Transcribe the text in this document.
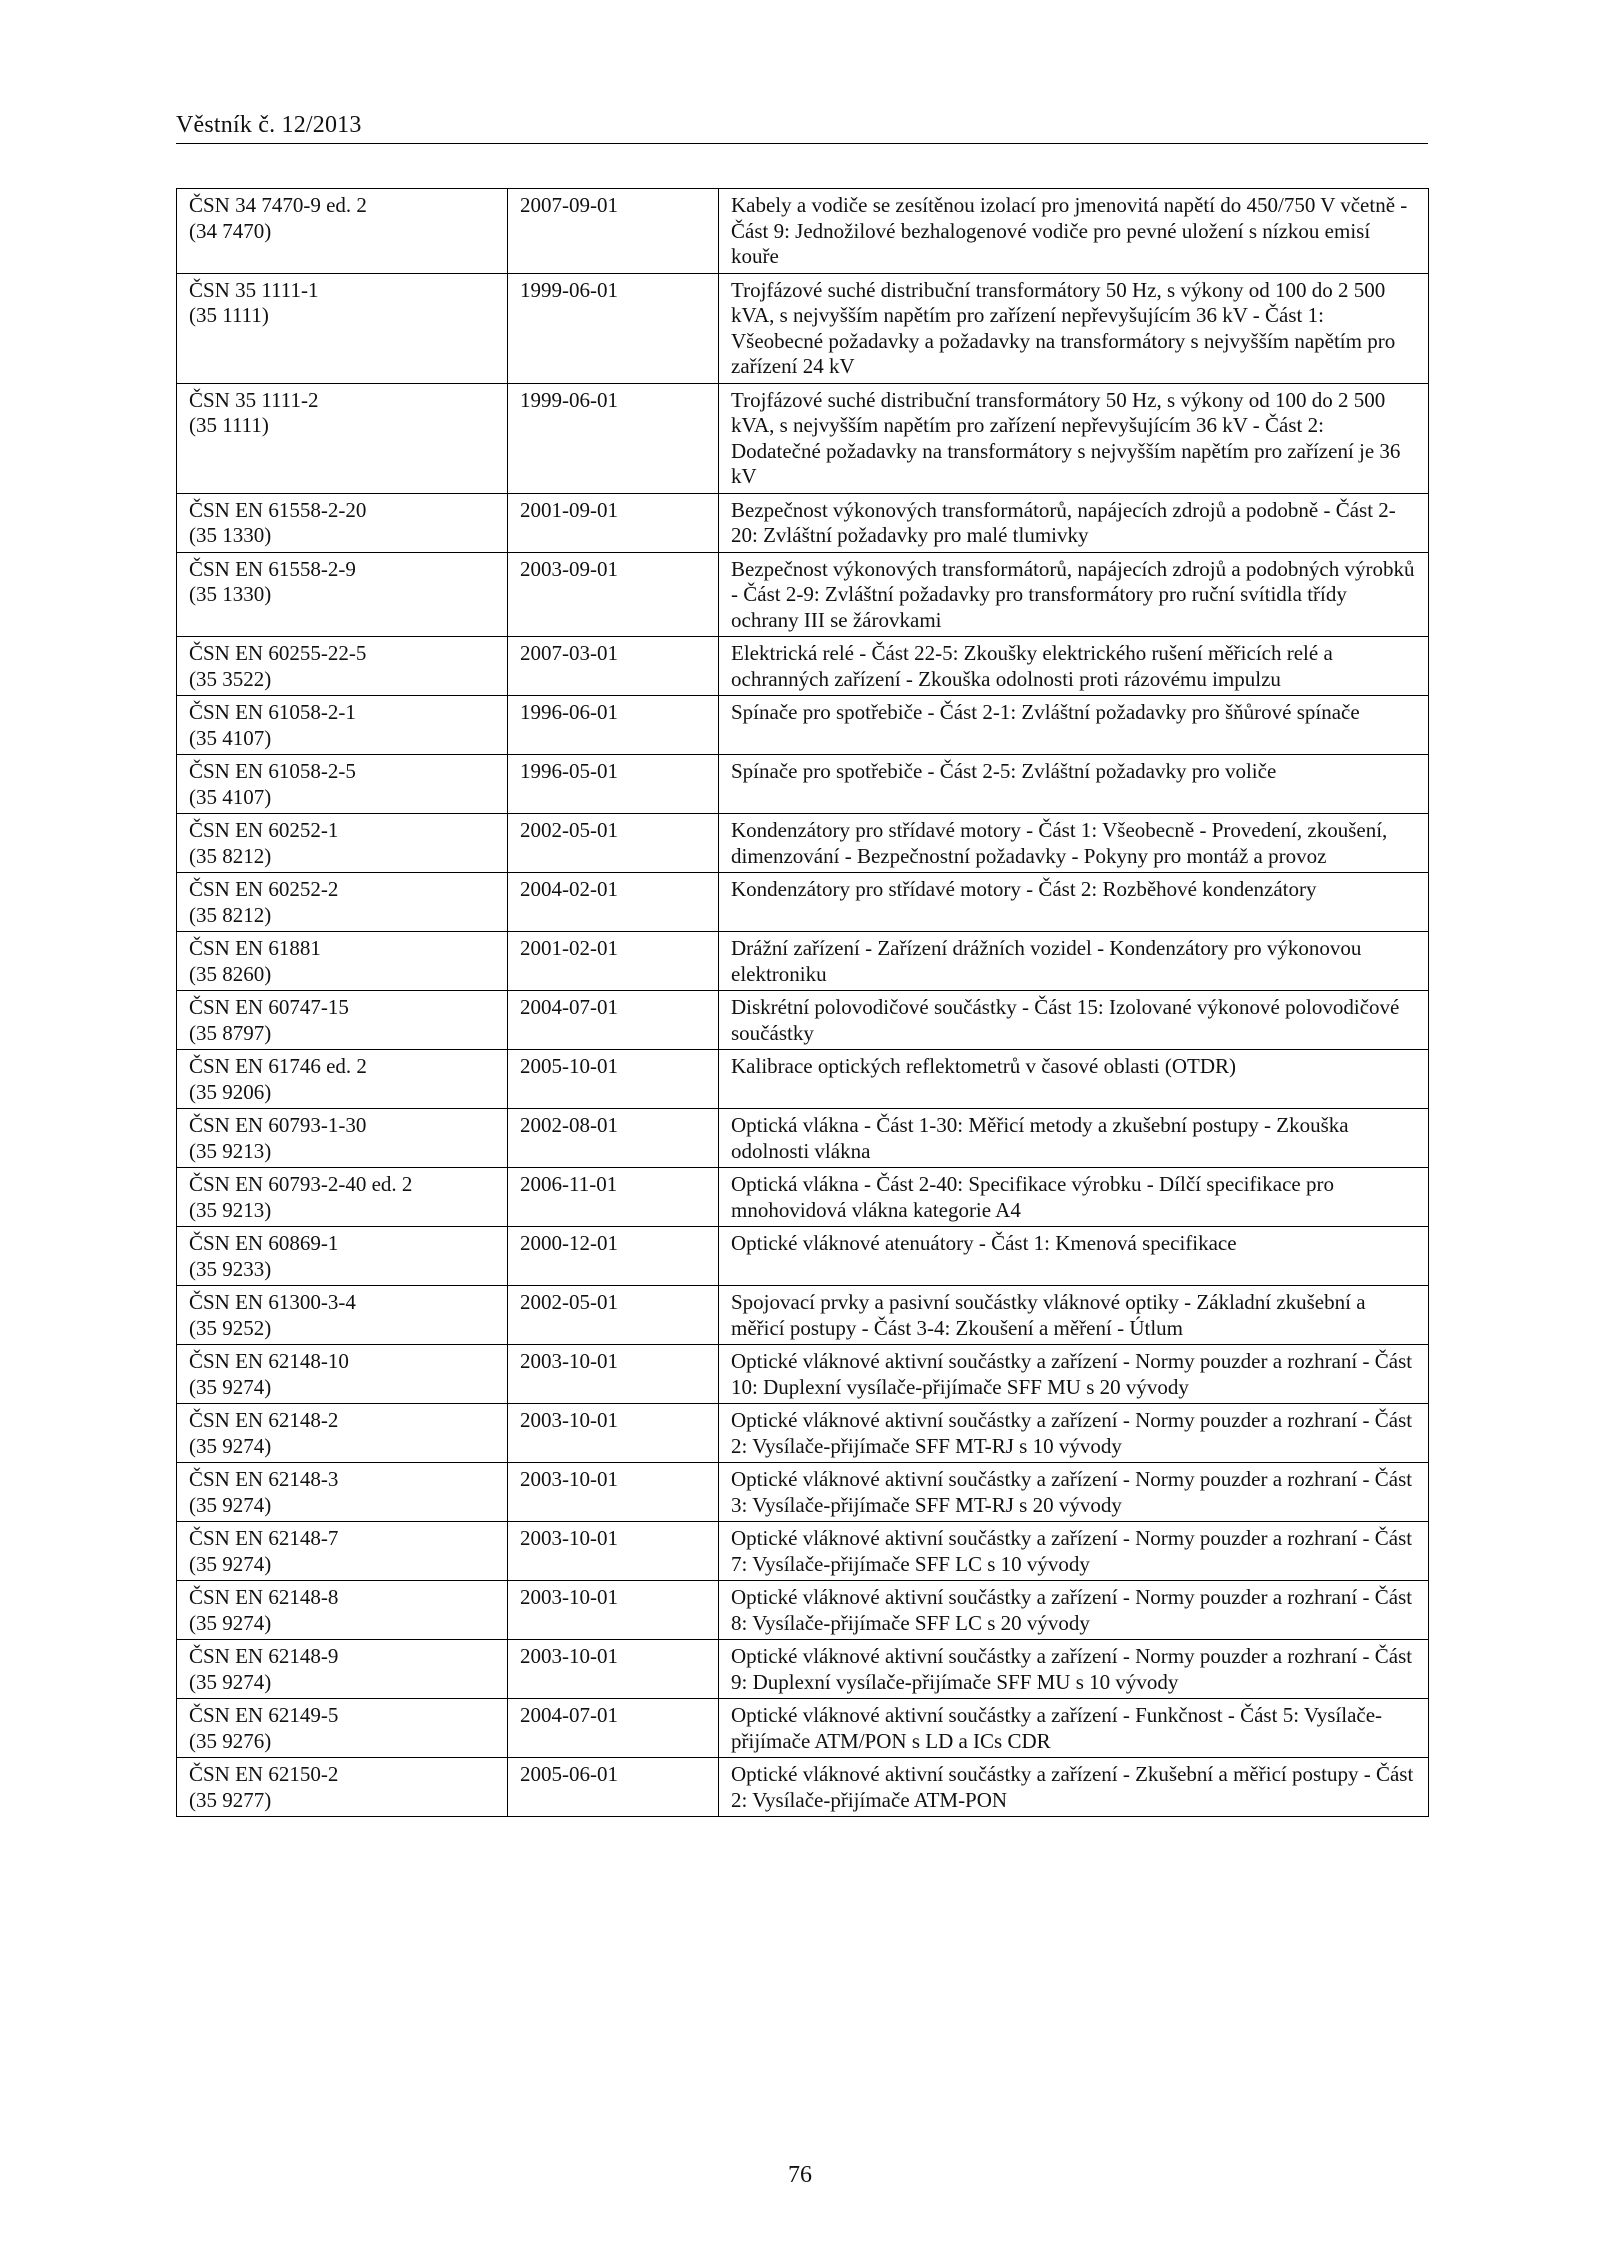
Věstník č. 12/2013
ČSN 34 7470-9 ed. 2
(34 7470)	2007-09-01	Kabely a vodiče se zesítěnou izolací pro jmenovitá napětí do 450/750 V včetně - Část 9: Jednožilové bezhalogenové vodiče pro pevné uložení s nízkou emisí kouře

ČSN 35 1111-1
(35 1111)	1999-06-01	Trojfázové suché distribuční transformátory 50 Hz, s výkony od 100 do 2 500 kVA, s nejvyšším napětím pro zařízení nepřevyšujícím 36 kV - Část 1: Všeobecné požadavky a požadavky na transformátory s nejvyšším napětím pro zařízení 24 kV

ČSN 35 1111-2
(35 1111)	1999-06-01	Trojfázové suché distribuční transformátory 50 Hz, s výkony od 100 do 2 500 kVA, s nejvyšším napětím pro zařízení nepřevyšujícím 36 kV - Část 2: Dodatečné požadavky na transformátory s nejvyšším napětím pro zařízení je 36 kV

ČSN EN 61558-2-20
(35 1330)	2001-09-01	Bezpečnost výkonových transformátorů, napájecích zdrojů a podobně - Část 2-20: Zvláštní požadavky pro malé tlumivky

ČSN EN 61558-2-9
(35 1330)	2003-09-01	Bezpečnost výkonových transformátorů, napájecích zdrojů a podobných výrobků - Část 2-9: Zvláštní požadavky pro transformátory pro ruční svítidla třídy ochrany III se žárovkami

ČSN EN 60255-22-5
(35 3522)	2007-03-01	Elektrická relé - Část 22-5: Zkoušky elektrického rušení měřicích relé a ochranných zařízení - Zkouška odolnosti proti rázovému impulzu

ČSN EN 61058-2-1
(35 4107)	1996-06-01	Spínače pro spotřebiče - Část 2-1: Zvláštní požadavky pro šňůrové spínače

ČSN EN 61058-2-5
(35 4107)	1996-05-01	Spínače pro spotřebiče - Část 2-5: Zvláštní požadavky pro voliče

ČSN EN 60252-1
(35 8212)	2002-05-01	Kondenzátory pro střídavé motory - Část 1: Všeobecně - Provedení, zkoušení, dimenzování - Bezpečnostní požadavky - Pokyny pro montáž a provoz

ČSN EN 60252-2
(35 8212)	2004-02-01	Kondenzátory pro střídavé motory - Část 2: Rozběhové kondenzátory

ČSN EN 61881
(35 8260)	2001-02-01	Drážní zařízení - Zařízení drážních vozidel - Kondenzátory pro výkonovou elektroniku

ČSN EN 60747-15
(35 8797)	2004-07-01	Diskrétní polovodičové součástky - Část 15: Izolované výkonové polovodičové součástky

ČSN EN 61746 ed. 2
(35 9206)	2005-10-01	Kalibrace optických reflektometrů v časové oblasti (OTDR)

ČSN EN 60793-1-30
(35 9213)	2002-08-01	Optická vlákna - Část 1-30: Měřicí metody a zkušební postupy - Zkouška odolnosti vlákna

ČSN EN 60793-2-40 ed. 2
(35 9213)	2006-11-01	Optická vlákna - Část 2-40: Specifikace výrobku - Dílčí specifikace pro mnohovidová vlákna kategorie A4

ČSN EN 60869-1
(35 9233)	2000-12-01	Optické vláknové atenuátory - Část 1: Kmenová specifikace

ČSN EN 61300-3-4
(35 9252)	2002-05-01	Spojovací prvky a pasivní součástky vláknové optiky - Základní zkušební a měřicí postupy - Část 3-4: Zkoušení a měření - Útlum

ČSN EN 62148-10
(35 9274)	2003-10-01	Optické vláknové aktivní součástky a zařízení - Normy pouzder a rozhraní - Část 10: Duplexní vysílače-přijímače SFF MU s 20 vývody

ČSN EN 62148-2
(35 9274)	2003-10-01	Optické vláknové aktivní součástky a zařízení - Normy pouzder a rozhraní - Část 2: Vysílače-přijímače SFF MT-RJ s 10 vývody

ČSN EN 62148-3
(35 9274)	2003-10-01	Optické vláknové aktivní součástky a zařízení - Normy pouzder a rozhraní - Část 3: Vysílače-přijímače SFF MT-RJ s 20 vývody

ČSN EN 62148-7
(35 9274)	2003-10-01	Optické vláknové aktivní součástky a zařízení - Normy pouzder a rozhraní - Část 7: Vysílače-přijímače SFF LC s 10 vývody

ČSN EN 62148-8
(35 9274)	2003-10-01	Optické vláknové aktivní součástky a zařízení - Normy pouzder a rozhraní - Část 8: Vysílače-přijímače SFF LC s 20 vývody

ČSN EN 62148-9
(35 9274)	2003-10-01	Optické vláknové aktivní součástky a zařízení - Normy pouzder a rozhraní - Část 9: Duplexní vysílače-přijímače SFF MU s 10 vývody

ČSN EN 62149-5
(35 9276)	2004-07-01	Optické vláknové aktivní součástky a zařízení - Funkčnost - Část 5: Vysílače-přijímače ATM/PON s LD a ICs CDR

ČSN EN 62150-2
(35 9277)	2005-06-01	Optické vláknové aktivní součástky a zařízení - Zkušební a měřicí postupy - Část 2: Vysílače-přijímače ATM-PON
76
